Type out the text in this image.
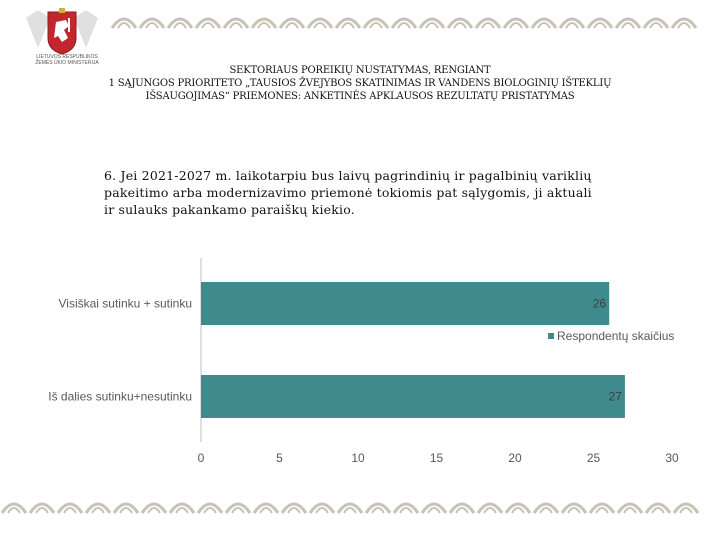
LIETUVOS RESPUBLIKOS
ŽEMĖS ŪKIO MINISTERIJA
SEKTORIAUS POREIKIŲ NUSTATYMAS, RENGIANT
1 SĄJUNGOS PRIORITETO „TAUSIOS ŽVEJYBOS SKATINIMAS IR VANDENS BIOLOGINIŲ IŠTEKLIŲ
IŠSAUGOJIMAS“ PRIEMONES: ANKETINĖS APKLAUSOS REZULTATŲ PRISTATYMAS
6. Jei 2021-2027 m. laikotarpiu bus laivų pagrindinių ir pagalbinių variklių
pakeitimo arba modernizavimo priemonė tokiomis pat sąlygomis, ji aktuali
ir sulauks pakankamo paraiškų kiekio.
26
Visiškai sutinku + sutinku
27
Iš dalies sutinku+nesutinku
0	5	10	15	20	25	30
Respondentų skaičius
